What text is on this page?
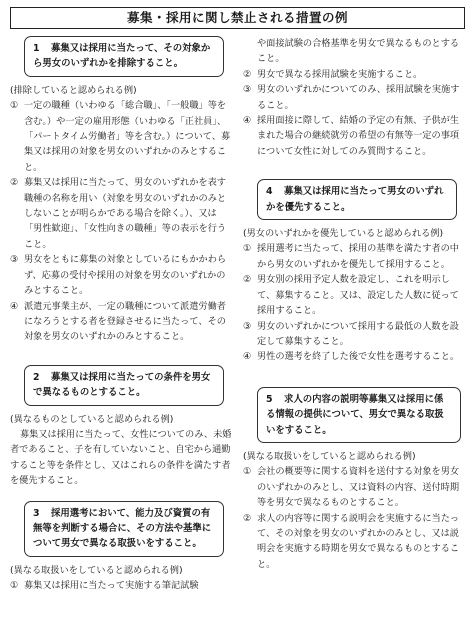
募集・採用に関し禁止される措置の例
1 募集又は採用に当たって、その対象から男女のいずれかを排除すること。
(排除していると認められる例)
① 一定の職種（いわゆる「総合職」、「一般職」等を含む。）や一定の雇用形態（いわゆる「正社員」、「パートタイム労働者」等を含む。）について、募集又は採用の対象を男女のいずれかのみとすること。
② 募集又は採用に当たって、男女のいずれかを表す職種の名称を用い（対象を男女のいずれかのみとしないことが明らかである場合を除く。）、又は「男性歓迎」、「女性向きの職種」等の表示を行うこと。
③ 男女をともに募集の対象としているにもかかわらず、応募の受付や採用の対象を男女のいずれかのみとすること。
④ 派遣元事業主が、一定の職種について派遣労働者になろうとする者を登録させるに当たって、その対象を男女のいずれかのみとすること。
2 募集又は採用に当たっての条件を男女で異なるものとすること。
(異なるものとしていると認められる例)
募集又は採用に当たって、女性についてのみ、未婚者であること、子を有していないこと、自宅から通勤すること等を条件とし、又はこれらの条件を満たす者を優先すること。
3 採用選考において、能力及び資質の有無等を判断する場合に、その方法や基準について男女で異なる取扱いをすること。
(異なる取扱いをしていると認められる例)
① 募集又は採用に当たって実施する筆記試験
や面接試験の合格基準を男女で異なるものとすること。
② 男女で異なる採用試験を実施すること。
③ 男女のいずれかについてのみ、採用試験を実施すること。
④ 採用面接に際して、結婚の予定の有無、子供が生まれた場合の継続就労の希望の有無等一定の事項について女性に対してのみ質問すること。
4 募集又は採用に当たって男女のいずれかを優先すること。
(男女のいずれかを優先していると認められる例)
① 採用選考に当たって、採用の基準を満たす者の中から男女のいずれかを優先して採用すること。
② 男女別の採用予定人数を設定し、これを明示して、募集すること。又は、設定した人数に従って採用すること。
③ 男女のいずれかについて採用する最低の人数を設定して募集すること。
④ 男性の選考を終了した後で女性を選考すること。
5 求人の内容の説明等募集又は採用に係る情報の提供について、男女で異なる取扱いをすること。
(異なる取扱いをしていると認められる例)
① 会社の概要等に関する資料を送付する対象を男女のいずれかのみとし、又は資料の内容、送付時期等を男女で異なるものとすること。
② 求人の内容等に関する説明会を実施するに当たって、その対象を男女のいずれかのみとし、又は説明会を実施する時期を男女で異なるものとすること。
